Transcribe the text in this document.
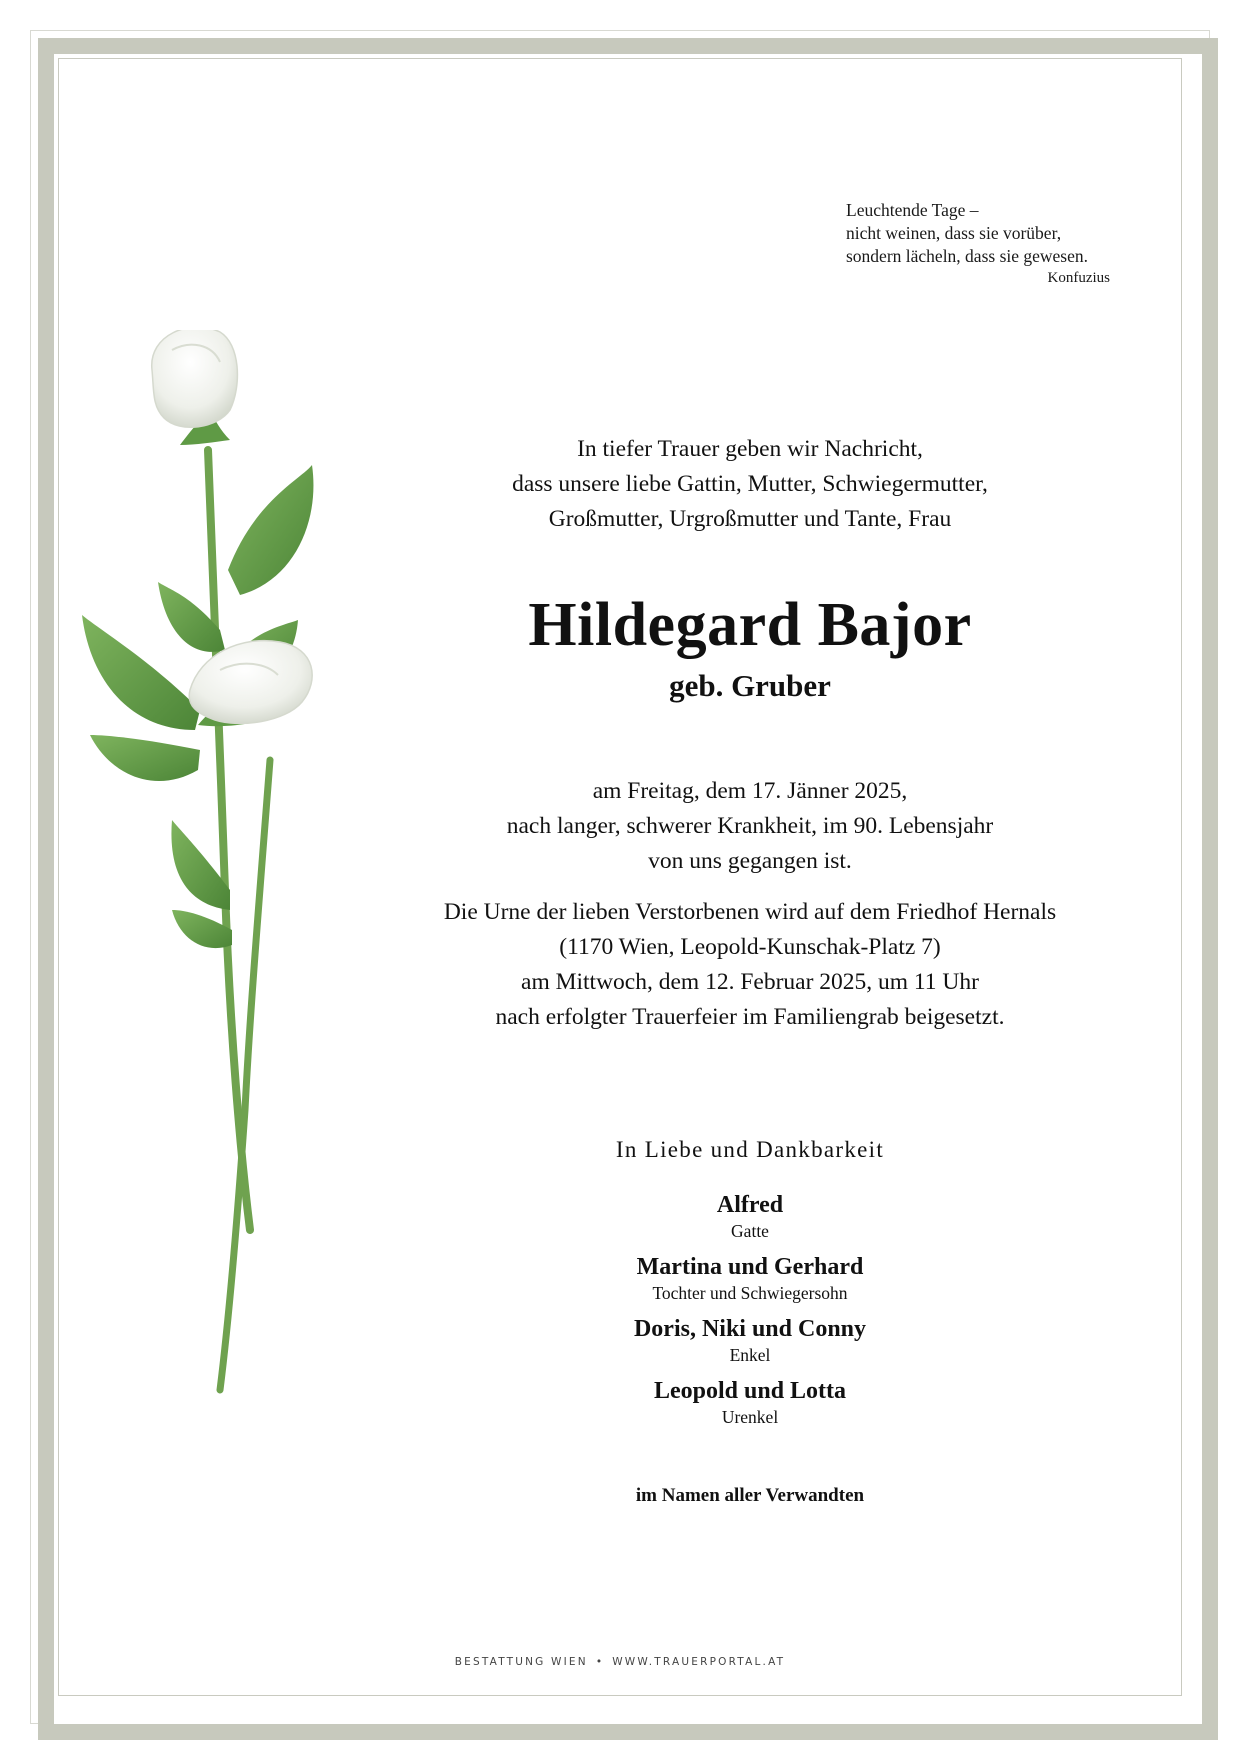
Leuchtende Tage –
nicht weinen, dass sie vorüber,
sondern lächeln, dass sie gewesen.
Konfuzius
In tiefer Trauer geben wir Nachricht,
dass unsere liebe Gattin, Mutter, Schwiegermutter,
Großmutter, Urgroßmutter und Tante, Frau
Hildegard Bajor
geb. Gruber
am Freitag, dem 17. Jänner 2025,
nach langer, schwerer Krankheit, im 90. Lebensjahr
von uns gegangen ist.
Die Urne der lieben Verstorbenen wird auf dem Friedhof Hernals
(1170 Wien, Leopold-Kunschak-Platz 7)
am Mittwoch, dem 12. Februar 2025, um 11 Uhr
nach erfolgter Trauerfeier im Familiengrab beigesetzt.
In Liebe und Dankbarkeit
Alfred
Gatte
Martina und Gerhard
Tochter und Schwiegersohn
Doris, Niki und Conny
Enkel
Leopold und Lotta
Urenkel
im Namen aller Verwandten
BESTATTUNG WIEN • WWW.TRAUERPORTAL.AT
